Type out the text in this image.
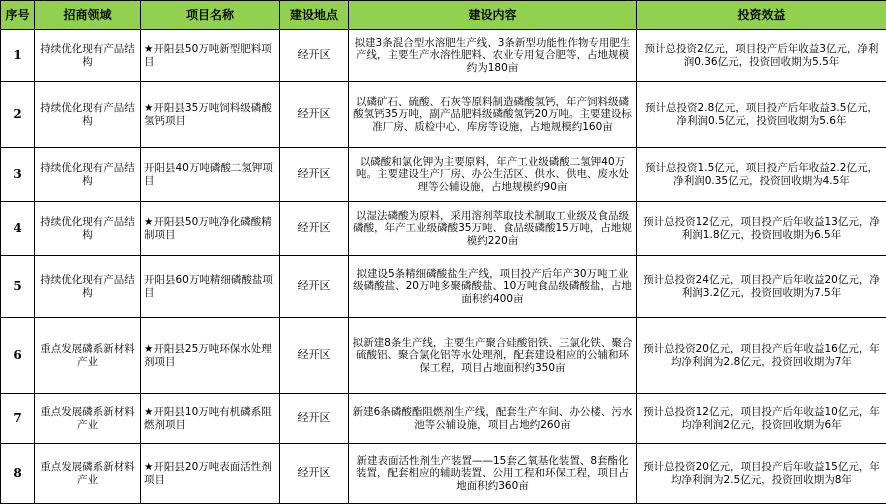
序号	招商领域	项目名称	建设地点	建设内容	投资效益
1	持续优化现有产品结构	★开阳县50万吨新型肥料项目	经开区	拟建3条混合型水溶肥生产线、3条新型功能性作物专用肥生产线，主要生产水溶性肥料、农业专用复合肥等，占地规模约为180亩	预计总投资2亿元，项目投产后年收益3亿元，净利润0.36亿元，投资回收期为5.5年
2	持续优化现有产品结构	★开阳县35万吨饲料级磷酸氢钙项目	经开区	以磷矿石、硫酸、石灰等原料制造磷酸氢钙，年产饲料级磷酸氢钙35万吨，副产品肥料级磷酸氢钙20万吨。主要建设标准厂房、质检中心、库房等设施，占地规模约160亩	预计总投资2.8亿元，项目投产后年收益3.5亿元，净利润0.5亿元，投资回收期为5.6年
3	持续优化现有产品结构	开阳县40万吨磷酸二氢钾项目	经开区	以磷酸和氯化钾为主要原料，年产工业级磷酸二氢钾40万吨。主要建设生产厂房、办公生活区、供水、供电、废水处理等公辅设施，占地规模约90亩	预计总投资1.5亿元，项目投产后年收益2.2亿元，净利润0.35亿元，投资回收期为4.5年
4	持续优化现有产品结构	★开阳县50万吨净化磷酸精制项目	经开区	以湿法磷酸为原料，采用溶剂萃取技术制取工业级及食品级磷酸，年产工业级磷酸35万吨、食品级磷酸15万吨，占地规模约220亩	预计总投资12亿元，项目投产后年收益13亿元，净利润1.8亿元，投资回收期为6.5年
5	持续优化现有产品结构	开阳县60万吨精细磷酸盐项目	经开区	拟建设5条精细磷酸盐生产线，项目投产后年产30万吨工业级磷酸盐、20万吨多聚磷酸盐、10万吨食品级磷酸盐，占地面积约400亩	预计总投资24亿元，项目投产后年收益20亿元，净利润3.2亿元，投资回收期为7.5年
6	重点发展磷系新材料产业	★开阳县25万吨环保水处理剂项目	经开区	拟新建8条生产线，主要生产聚合硅酸铝铁、三氯化铁、聚合硫酸铝、聚合氯化铝等水处理剂，配套建设相应的公辅和环保工程，项目占地面积约350亩	预计总投资20亿元，项目投产后年收益16亿元，年均净利润为2.8亿元，投资回收期为7年
7	重点发展磷系新材料产业	★开阳县10万吨有机磷系阻燃剂项目	经开区	新建6条磷酸酯阻燃剂生产线，配套生产车间、办公楼、污水池等公辅设施，项目占地约260亩	预计总投资12亿元，项目投产后年收益10亿元，年均净利润2亿元，投资回收期为6年
8	重点发展磷系新材料产业	★开阳县20万吨表面活性剂项目	经开区	新建表面活性剂生产装置——15套乙氧基化装置、8套酯化装置，配套相应的辅助装置、公用工程和环保工程，项目占地面积约360亩	预计总投资20亿元，项目投产后年收益15亿元，年均净利润为2.5亿元，投资回收期为8年
